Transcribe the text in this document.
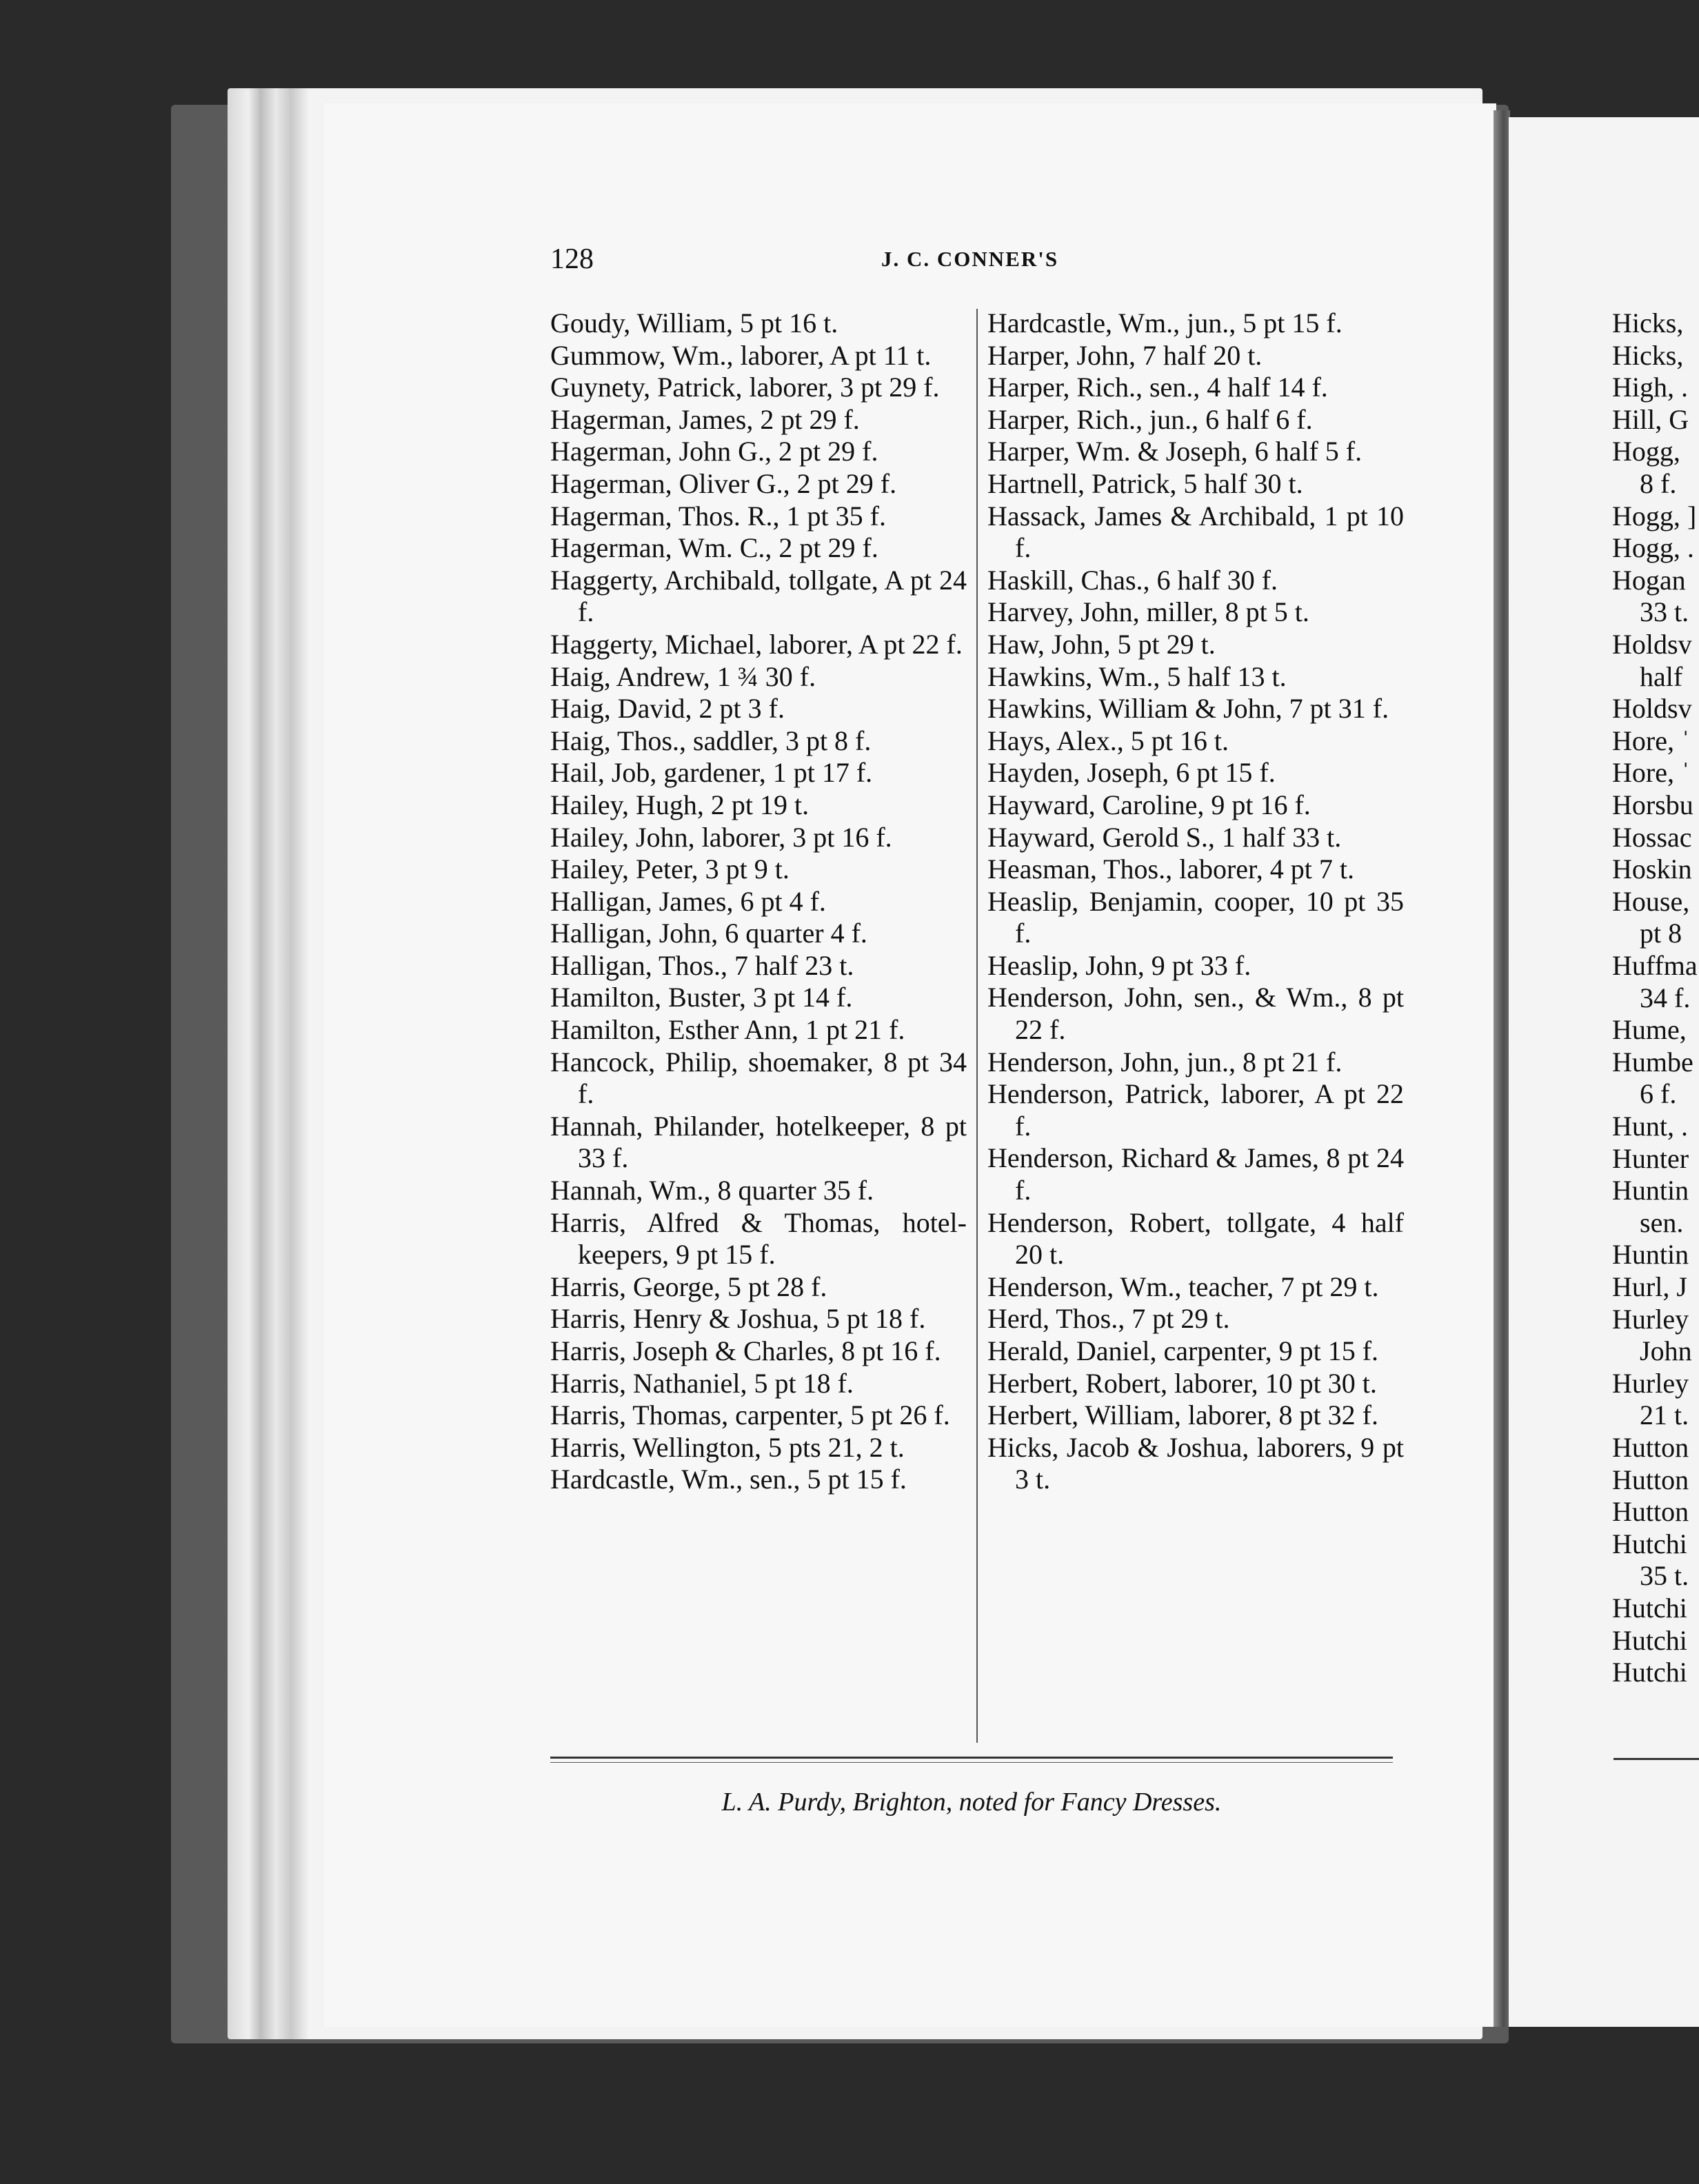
Hicks,
Hicks,
High, .
Hill, G
Hogg,
8 f.
Hogg, ]
Hogg, .
Hogan
33 t.
Holdsv
half
Holdsv
Hore, ˈ
Hore, ˈ
Horsbu
Hossac
Hoskin
House,
pt 8
Huffma
34 f.
Hume,
Humbe
6 f.
Hunt, .
Hunter
Huntin
sen.
Huntin
Hurl, J
Hurley
John
Hurley
21 t.
Hutton
Hutton
Hutton
Hutchi
35 t.
Hutchi
Hutchi
Hutchi
128	J. C. CONNER'S
Goudy, William, 5 pt 16 t.
Gummow, Wm., laborer, A pt 11 t.
Guynety, Patrick, laborer, 3 pt 29 f.
Hagerman, James, 2 pt 29 f.
Hagerman, John G., 2 pt 29 f.
Hagerman, Oliver G., 2 pt 29 f.
Hagerman, Thos. R., 1 pt 35 f.
Hagerman, Wm. C., 2 pt 29 f.
Haggerty, Archibald, tollgate, A pt 24 f.
Haggerty, Michael, laborer, A pt 22 f.
Haig, Andrew, 1 ¾ 30 f.
Haig, David, 2 pt 3 f.
Haig, Thos., saddler, 3 pt 8 f.
Hail, Job, gardener, 1 pt 17 f.
Hailey, Hugh, 2 pt 19 t.
Hailey, John, laborer, 3 pt 16 f.
Hailey, Peter, 3 pt 9 t.
Halligan, James, 6 pt 4 f.
Halligan, John, 6 quarter 4 f.
Halligan, Thos., 7 half 23 t.
Hamilton, Buster, 3 pt 14 f.
Hamilton, Esther Ann, 1 pt 21 f.
Hancock, Philip, shoemaker, 8 pt 34 f.
Hannah, Philander, hotelkeeper, 8 pt 33 f.
Hannah, Wm., 8 quarter 35 f.
Harris, Alfred & Thomas, hotel-keepers, 9 pt 15 f.
Harris, George, 5 pt 28 f.
Harris, Henry & Joshua, 5 pt 18 f.
Harris, Joseph & Charles, 8 pt 16 f.
Harris, Nathaniel, 5 pt 18 f.
Harris, Thomas, carpenter, 5 pt 26 f.
Harris, Wellington, 5 pts 21, 2 t.
Hardcastle, Wm., sen., 5 pt 15 f.
Hardcastle, Wm., jun., 5 pt 15 f.
Harper, John, 7 half 20 t.
Harper, Rich., sen., 4 half 14 f.
Harper, Rich., jun., 6 half 6 f.
Harper, Wm. & Joseph, 6 half 5 f.
Hartnell, Patrick, 5 half 30 t.
Hassack, James & Archibald, 1 pt 10 f.
Haskill, Chas., 6 half 30 f.
Harvey, John, miller, 8 pt 5 t.
Haw, John, 5 pt 29 t.
Hawkins, Wm., 5 half 13 t.
Hawkins, William & John, 7 pt 31 f.
Hays, Alex., 5 pt 16 t.
Hayden, Joseph, 6 pt 15 f.
Hayward, Caroline, 9 pt 16 f.
Hayward, Gerold S., 1 half 33 t.
Heasman, Thos., laborer, 4 pt 7 t.
Heaslip, Benjamin, cooper, 10 pt 35 f.
Heaslip, John, 9 pt 33 f.
Henderson, John, sen., & Wm., 8 pt 22 f.
Henderson, John, jun., 8 pt 21 f.
Henderson, Patrick, laborer, A pt 22 f.
Henderson, Richard & James, 8 pt 24 f.
Henderson, Robert, tollgate, 4 half 20 t.
Henderson, Wm., teacher, 7 pt 29 t.
Herd, Thos., 7 pt 29 t.
Herald, Daniel, carpenter, 9 pt 15 f.
Herbert, Robert, laborer, 10 pt 30 t.
Herbert, William, laborer, 8 pt 32 f.
Hicks, Jacob & Joshua, laborers, 9 pt 3 t.
L. A. Purdy, Brighton, noted for Fancy Dresses.
